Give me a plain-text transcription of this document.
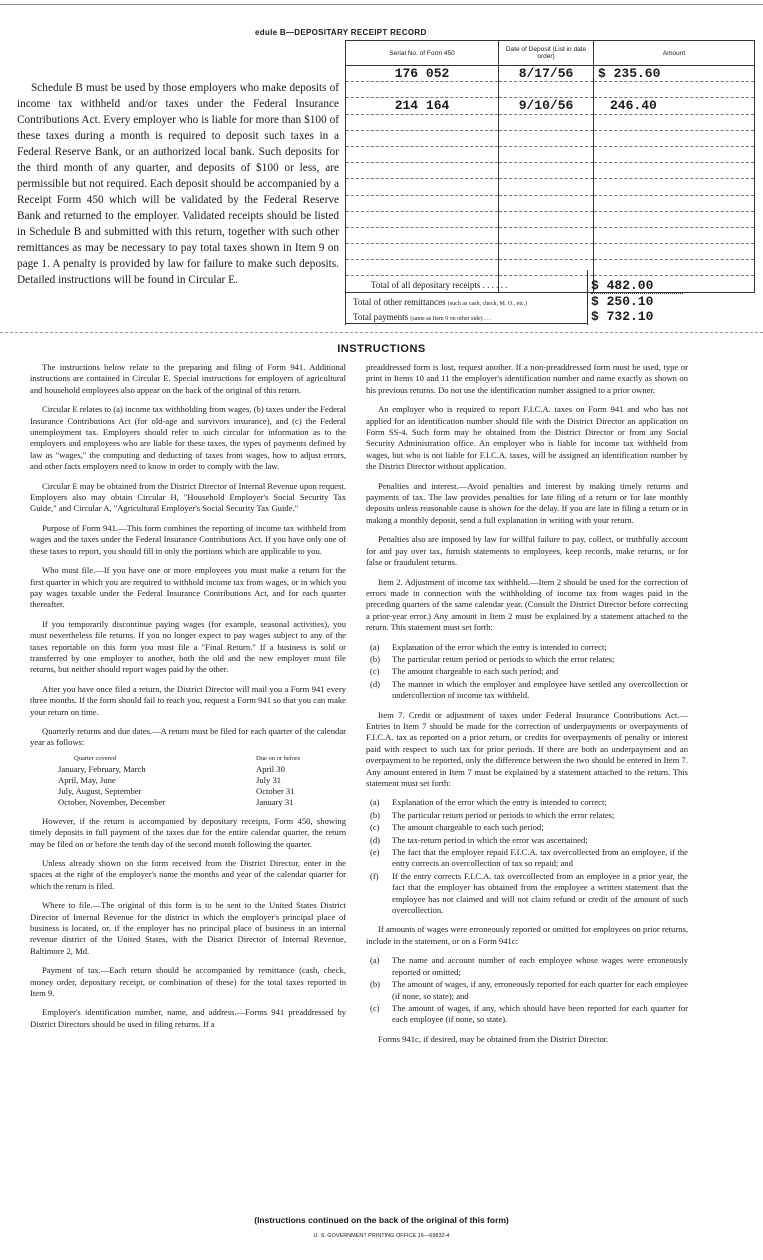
edule B—DEPOSITARY RECEIPT RECORD
Schedule B must be used by those employers who make deposits of income tax withheld and/or taxes under the Federal Insurance Contributions Act. Every employer who is liable for more than $100 of these taxes during a month is required to deposit such taxes in a Federal Reserve Bank, or an authorized local bank. Such deposits for the third month of any quarter, and deposits of $100 or less, are permissible but not required. Each deposit should be accompanied by a Receipt Form 450 which will be validated by the Federal Reserve Bank and returned to the employer. Validated receipts should be listed in Schedule B and submitted with this return, together with such other remittances as may be necessary to pay total taxes shown in Item 9 on page 1. A penalty is provided by law for failure to make such deposits. Detailed instructions will be found in Circular E.
Serial No. of Form 450	Date of Deposit (List in date order)	Amount

176 052	8/17/56	$ 235.60

214 164	9/10/56	246.40

Total of all depositary receipts . . . . . .	$ 482.00
Total of other remittances (such as cash, check, M. O., etc.)	$ 250.10
Total payments (same as Item 9 on other side) . . .	$ 732.10
INSTRUCTIONS

The instructions below relate to the preparing and filing of Form 941. Additional instructions are contained in Circular E. Special instructions for employers of agricultural and household employees also appear on the back of the original of this return.

Circular E relates to (a) income tax withholding from wages, (b) taxes under the Federal Insurance Contributions Act (for old-age and survivors insurance), and (c) the Federal unemployment tax. Employers should refer to such circular for information as to the employers and employees who are liable for these taxes, the types of payments defined by law as "wages," the computing and deducting of taxes from wages, how to adjust errors, and other facts employers need to know in order to comply with the law.

Circular E may be obtained from the District Director of Internal Revenue upon request. Employers also may obtain Circular H, "Household Employer's Social Security Tax Guide," and Circular A, "Agricultural Employer's Social Security Tax Guide."

Purpose of Form 941.—This form combines the reporting of income tax withheld from wages and the taxes under the Federal Insurance Contributions Act. If you have only one of these taxes to report, you should fill in only the portions which are applicable to you.

Who must file.—If you have one or more employees you must make a return for the first quarter in which you are required to withhold income tax from wages, or in which you pay wages taxable under the Federal Insurance Contributions Act, and for each quarter thereafter.

If you temporarily discontinue paying wages (for example, seasonal activities), you must nevertheless file returns. If you no longer expect to pay wages subject to any of the taxes reportable on this form you must file a "Final Return." If a business is sold or transferred by one employer to another, both the old and the new employer must file returns, but neither should report wages paid by the other.

After you have once filed a return, the District Director will mail you a Form 941 every three months. If the form should fail to reach you, request a Form 941 so that you can make your return on time.

Quarterly returns and due dates.—A return must be filed for each quarter of the calendar year as follows:

Quarter covered	Due on or before
January, February, March	April 30
April, May, June	July 31
July, August, September	October 31
October, November, December	January 31

However, if the return is accompanied by depositary receipts, Form 450, showing timely deposits in full payment of the taxes due for the entire calendar quarter, the return may be filed on or before the tenth day of the second month following the quarter.

Unless already shown on the form received from the District Director, enter in the spaces at the right of the employer's name the months and year of the calendar quarter for which the return is filed.

Where to file.—The original of this form is to be sent to the United States District Director of Internal Revenue for the district in which the employer's principal place of business is located, or, if the employer has no principal place of business in an internal revenue district of the United States, with the District Director of Internal Revenue, Baltimore 2, Md.

Payment of tax.—Each return should be accompanied by remittance (cash, check, money order, depositary receipt, or combination of these) for the total taxes reported in Item 9.

Employer's identification number, name, and address.—Forms 941 preaddressed by District Directors should be used in filing returns. If a

preaddressed form is lost, request another. If a non-preaddressed form must be used, type or print in Items 10 and 11 the employer's identification number and name exactly as shown on his previous returns. Do not use the identification number assigned to a prior owner.

An employer who is required to report F.I.C.A. taxes on Form 941 and who has not applied for an identification number should file with the District Director an application on Form SS-4. Such form may be obtained from the District Director or from any Social Security Administration office. An employer who is liable for income tax withheld from wages, but who is not liable for F.I.C.A. taxes, will be assigned an identification number by the District Director without application.

Penalties and interest.—Avoid penalties and interest by making timely returns and payments of tax. The law provides penalties for late filing of a return or for late monthly deposits unless reasonable cause is shown for the delay. If you are late in filing a return or in making a monthly deposit, send a full explanation in writing with your return.

Penalties also are imposed by law for willful failure to pay, collect, or truthfully account for and pay over tax, furnish statements to employees, keep records, make returns, or for false or fraudulent returns.

Item 2. Adjustment of income tax withheld.—Item 2 should be used for the correction of errors made in connection with the withholding of income tax from wages paid in the preceding quarters of the same calendar year. (Consult the District Director before correcting a prior-year error.) Any amount in Item 2 must be explained by a statement attached to the return. This statement must set forth:

(a)	Explanation of the error which the entry is intended to correct;
(b)	The particular return period or periods to which the error relates;
(c)	The amount chargeable to each such period; and
(d)	The manner in which the employer and employee have settled any overcollection or undercollection of income tax withheld.

Item 7. Credit or adjustment of taxes under Federal Insurance Contributions Act.—Entries in Item 7 should be made for the correction of underpayments or overpayments of F.I.C.A. tax as reported on a prior return, or credits for overpayments of penalty or interest paid with respect to such tax for prior periods. If there are both an underpayment and an overpayment to be reported, only the difference between the two should be entered in Item 7. Any amount entered in Item 7 must be explained by a statement attached to the return. This statement must set forth:

(a)	Explanation of the error which the entry is intended to correct;
(b)	The particular return period or periods to which the error relates;
(c)	The amount chargeable to each such period;
(d)	The tax-return period in which the error was ascertained;
(e)	The fact that the employer repaid F.I.C.A. tax overcollected from an employee, if the entry corrects an overcollection of tax so repaid; and
(f)	If the entry corrects F.I.C.A. tax overcollected from an employee in a prior year, the fact that the employer has obtained from the employee a written statement that the employee has not claimed and will not claim refund or credit of the amount of such overcollection.

If amounts of wages were erroneously reported or omitted for employees on prior returns, include in the statement, or on a Form 941c:

(a)	The name and account number of each employee whose wages were erroneously reported or omitted;
(b)	The amount of wages, if any, erroneously reported for each quarter for each employee (if none, so state); and
(c)	The amount of wages, if any, which should have been reported for each quarter for each employee (if none, so state).

Forms 941c, if desired, may be obtained from the District Director.

(Instructions continued on the back of the original of this form)
U. S. GOVERNMENT PRINTING OFFICE 16—69832-4
